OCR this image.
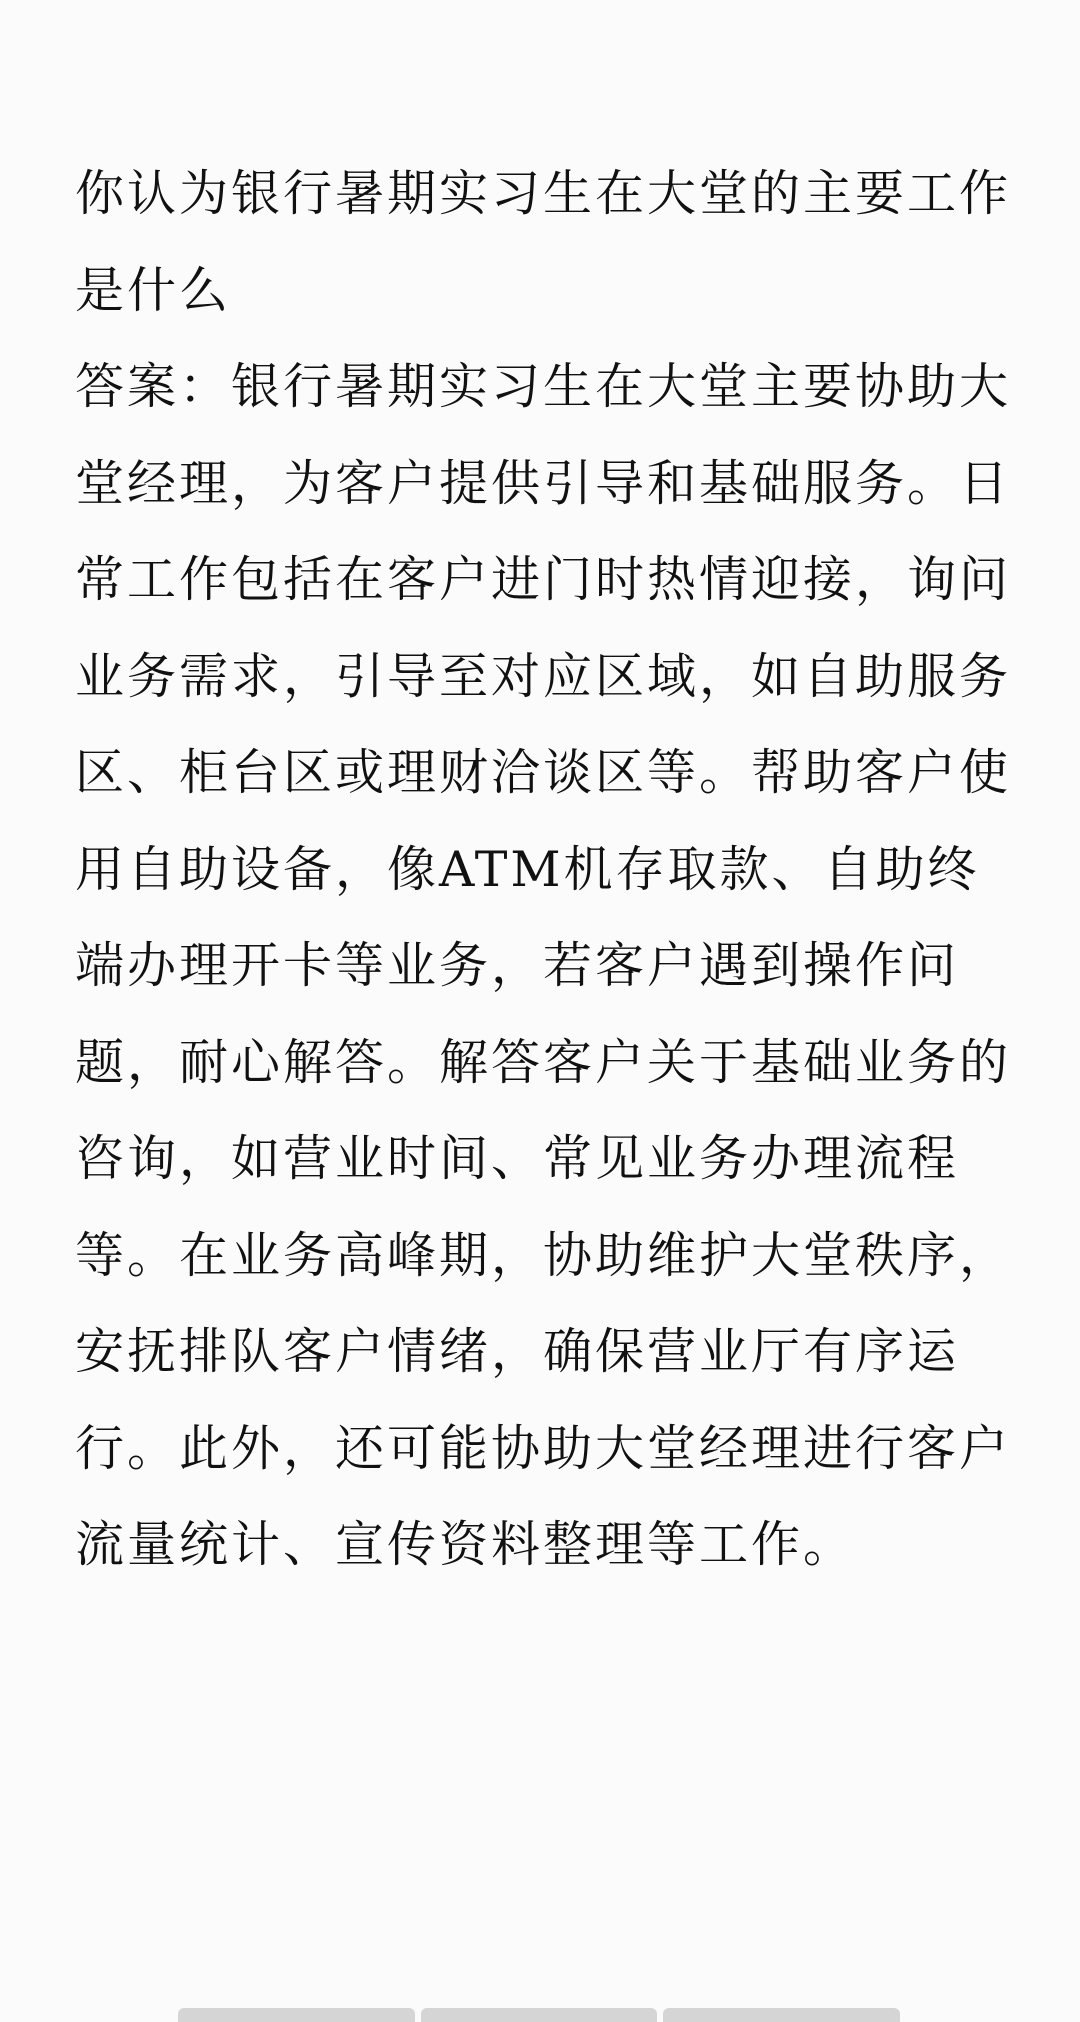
你认为银行暑期实习生在大堂的主要工作是什么

答案：银行暑期实习生在大堂主要协助大堂经理，为客户提供引导和基础服务。日常工作包括在客户进门时热情迎接，询问业务需求，引导至对应区域，如自助服务区、柜台区或理财洽谈区等。帮助客户使用自助设备，像ATM机存取款、自助终端办理开卡等业务，若客户遇到操作问题，耐心解答。解答客户关于基础业务的咨询，如营业时间、常见业务办理流程等。在业务高峰期，协助维护大堂秩序，安抚排队客户情绪，确保营业厅有序运行。此外，还可能协助大堂经理进行客户流量统计、宣传资料整理等工作。
